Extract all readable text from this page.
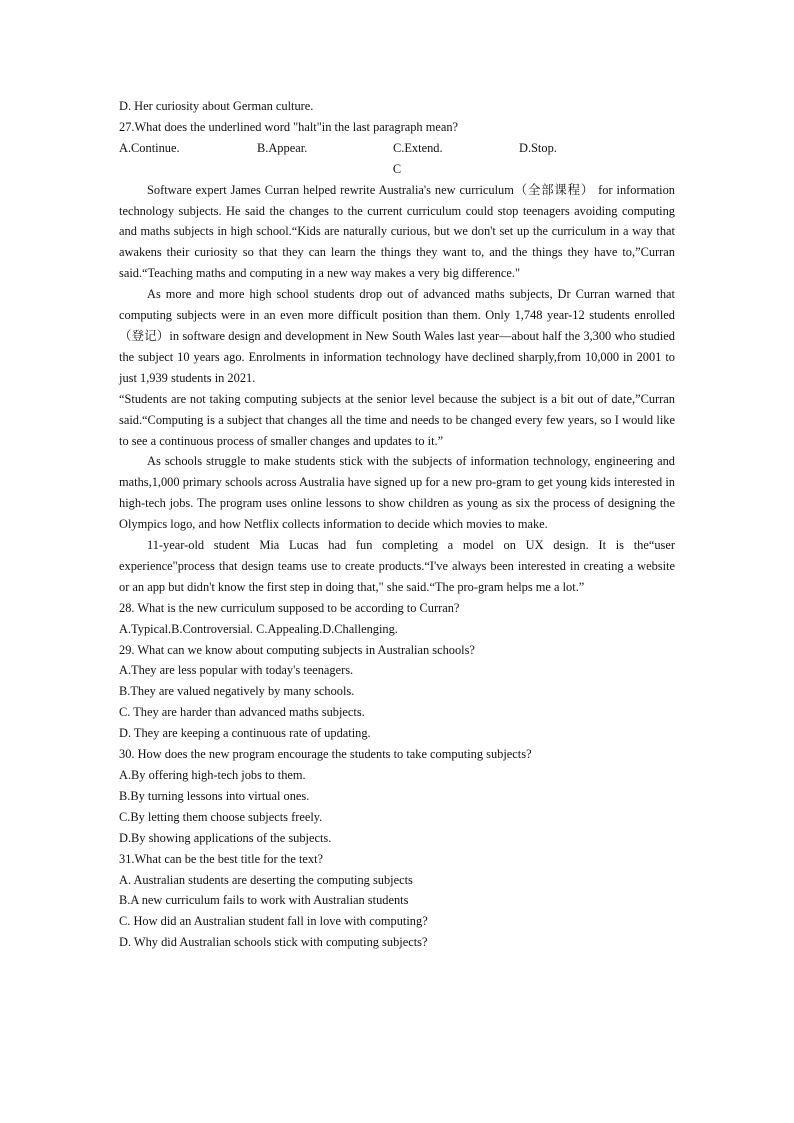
D. Her curiosity about German culture.
27.What does the underlined word "halt"in the last paragraph mean?
A.Continue.	B.Appear.	C.Extend.	D.Stop.
C
Software expert James Curran helped rewrite Australia's new curriculum（全部课程） for information technology subjects. He said the changes to the current curriculum could stop teenagers avoiding computing and maths subjects in high school.“Kids are naturally curious, but we don't set up the curriculum in a way that awakens their curiosity so that they can learn the things they want to, and the things they have to,”Curran said.“Teaching maths and computing in a new way makes a very big difference."
As more and more high school students drop out of advanced maths subjects, Dr Curran warned that computing subjects were in an even more difficult position than them. Only 1,748 year-12 students enrolled（登记）in software design and development in New South Wales last year—about half the 3,300 who studied the subject 10 years ago. Enrolments in information technology have declined sharply,from 10,000 in 2001 to just 1,939 students in 2021.
“Students are not taking computing subjects at the senior level because the subject is a bit out of date,”Curran said.“Computing is a subject that changes all the time and needs to be changed every few years, so I would like to see a continuous process of smaller changes and updates to it.”
As schools struggle to make students stick with the subjects of information technology, engineering and maths,1,000 primary schools across Australia have signed up for a new pro-gram to get young kids interested in high-tech jobs. The program uses online lessons to show children as young as six the process of designing the Olympics logo, and how Netflix collects information to decide which movies to make.
11-year-old student Mia Lucas had fun completing a model on UX design. It is the“user experience"process that design teams use to create products.“I've always been interested in creating a website or an app but didn't know the first step in doing that," she said.“The pro-gram helps me a lot.”
28. What is the new curriculum supposed to be according to Curran?
A.Typical.B.Controversial. C.Appealing.D.Challenging.
29. What can we know about computing subjects in Australian schools?
A.They are less popular with today's teenagers.
B.They are valued negatively by many schools.
C. They are harder than advanced maths subjects.
D. They are keeping a continuous rate of updating.
30. How does the new program encourage the students to take computing subjects?
A.By offering high-tech jobs to them.
B.By turning lessons into virtual ones.
C.By letting them choose subjects freely.
D.By showing applications of the subjects.
31.What can be the best title for the text?
A. Australian students are deserting the computing subjects
B.A new curriculum fails to work with Australian students
C. How did an Australian student fall in love with computing?
D. Why did Australian schools stick with computing subjects?
